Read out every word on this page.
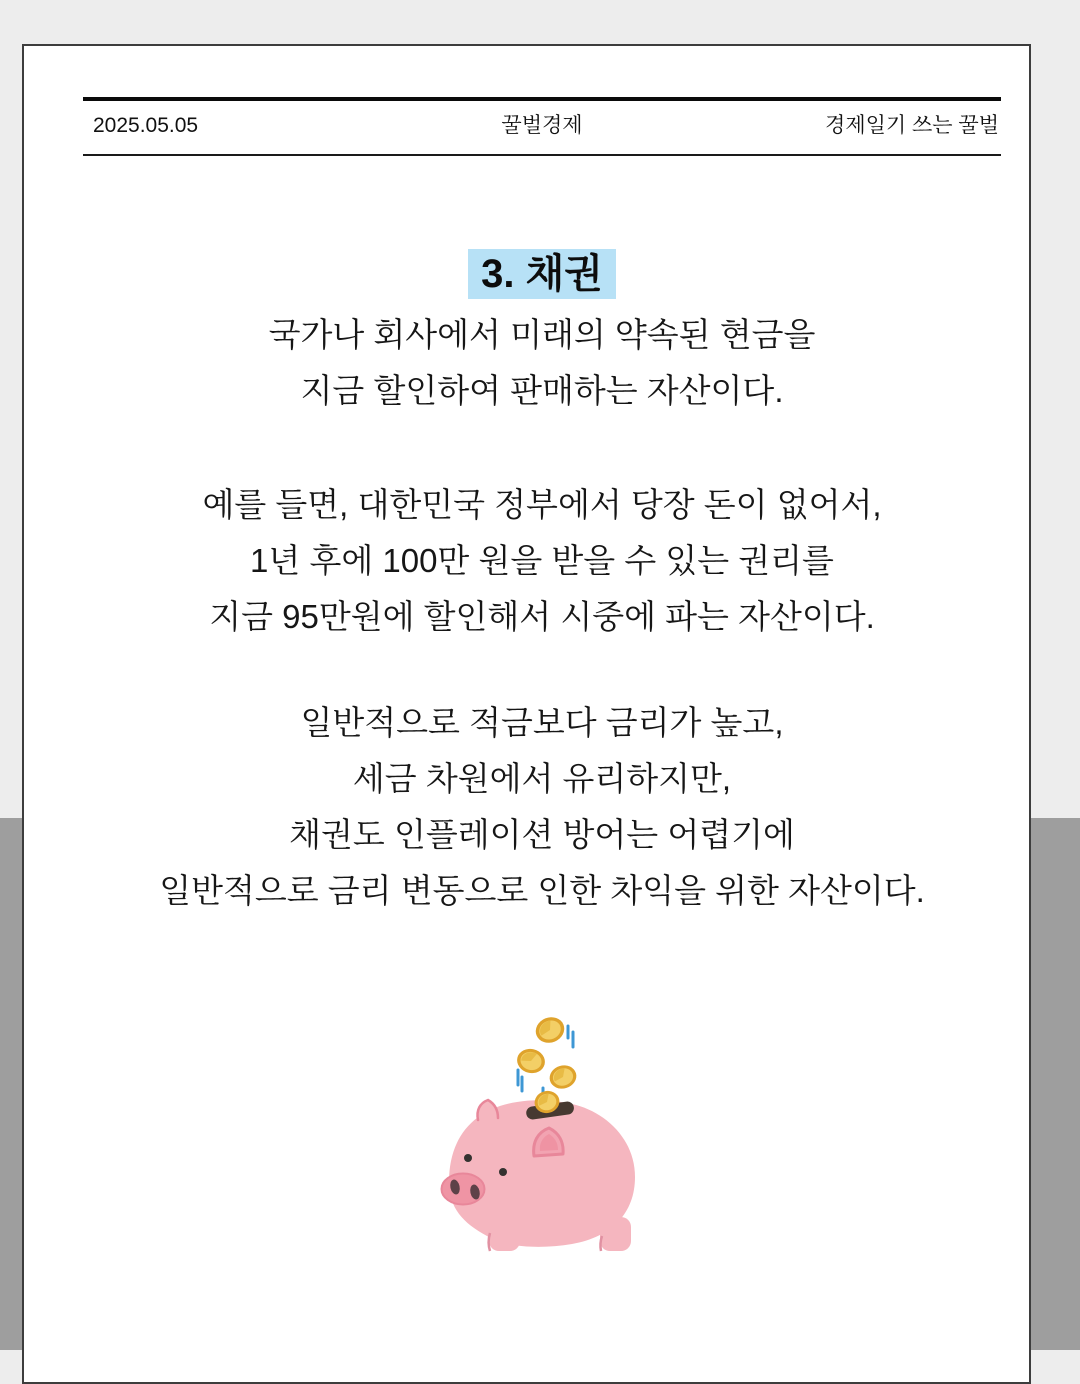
2025.05.05	꿀벌경제	경제일기 쓰는 꿀벌
3. 채권

국가나 회사에서 미래의 약속된 현금을
지금 할인하여 판매하는 자산이다.

예를 들면, 대한민국 정부에서 당장 돈이 없어서,
1년 후에 100만 원을 받을 수 있는 권리를
지금 95만원에 할인해서 시중에 파는 자산이다.

일반적으로 적금보다 금리가 높고,
세금 차원에서 유리하지만,
채권도 인플레이션 방어는 어렵기에
일반적으로 금리 변동으로 인한 차익을 위한 자산이다.
